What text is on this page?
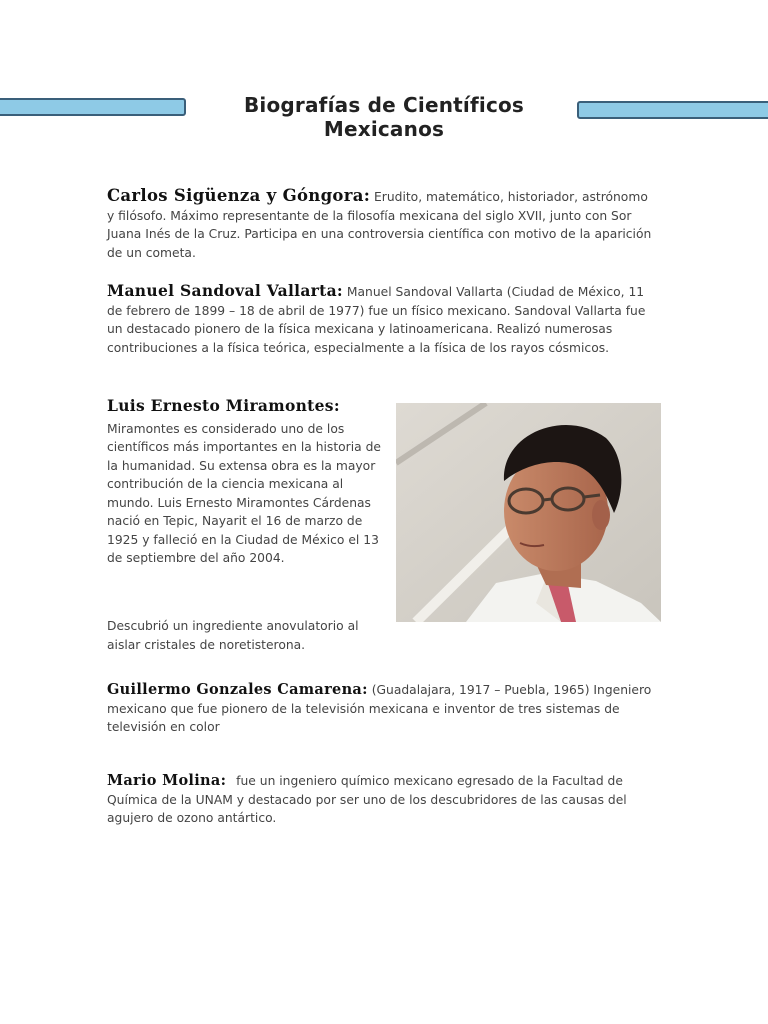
Biografías de Científicos Mexicanos
Carlos Sigüenza y Góngora: Erudito, matemático, historiador, astrónomo y filósofo. Máximo representante de la filosofía mexicana del siglo XVII, junto con Sor Juana Inés de la Cruz. Participa en una controversia científica con motivo de la aparición de un cometa.
Manuel Sandoval Vallarta: Manuel Sandoval Vallarta (Ciudad de México, 11 de febrero de 1899 – 18 de abril de 1977) fue un físico mexicano. Sandoval Vallarta fue un destacado pionero de la física mexicana y latinoamericana. Realizó numerosas contribuciones a la física teórica, especialmente a la física de los rayos cósmicos.
Luis Ernesto Miramontes:
Miramontes es considerado uno de los científicos más importantes en la historia de la humanidad. Su extensa obra es la mayor contribución de la ciencia mexicana al mundo. Luis Ernesto Miramontes Cárdenas nació en Tepic, Nayarit el 16 de marzo de 1925 y falleció en la Ciudad de México el 13 de septiembre del año 2004.
Descubrió un ingrediente anovulatorio al aislar cristales de noretisterona.
Guillermo Gonzales Camarena: (Guadalajara, 1917 – Puebla, 1965) Ingeniero mexicano que fue pionero de la televisión mexicana e inventor de tres sistemas de televisión en color
Mario Molina: fue un ingeniero químico mexicano egresado de la Facultad de Química de la UNAM y destacado por ser uno de los descubridores de las causas del agujero de ozono antártico.
